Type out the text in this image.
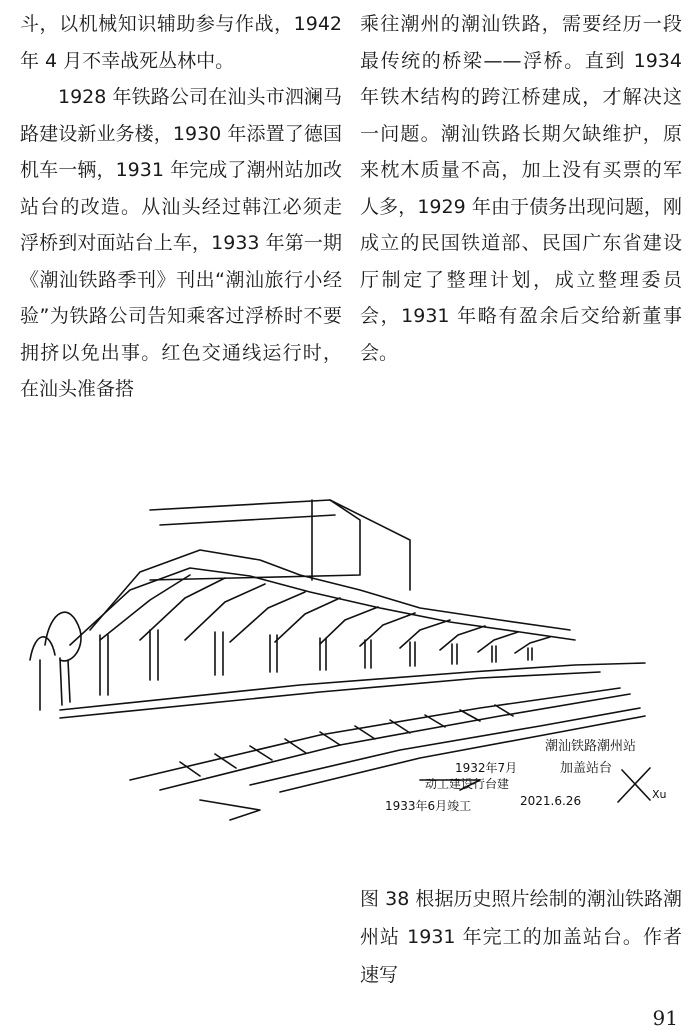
斗，以机械知识辅助参与作战，1942 年 4 月不幸战死丛林中。

1928 年铁路公司在汕头市泗澜马路建设新业务楼，1930 年添置了德国机车一辆，1931 年完成了潮州站加改站台的改造。从汕头经过韩江必须走浮桥到对面站台上车，1933 年第一期《潮汕铁路季刊》刊出“潮汕旅行小经验”为铁路公司告知乘客过浮桥时不要拥挤以免出事。红色交通线运行时，在汕头准备搭

乘往潮州的潮汕铁路，需要经历一段最传统的桥梁——浮桥。直到 1934 年铁木结构的跨江桥建成，才解决这一问题。潮汕铁路长期欠缺维护，原来枕木质量不高，加上没有买票的军人多，1929 年由于债务出现问题，刚成立的民国铁道部、民国广东省建设厅制定了整理计划，成立整理委员会，1931 年略有盈余后交给新董事会。

潮汕铁路潮州站
加盖站台
1932年7月
动工建设行台建
1933年6月竣工	2021.6.26	Xu
图 38 根据历史照片绘制的潮汕铁路潮州站 1931 年完工的加盖站台。作者速写
91
